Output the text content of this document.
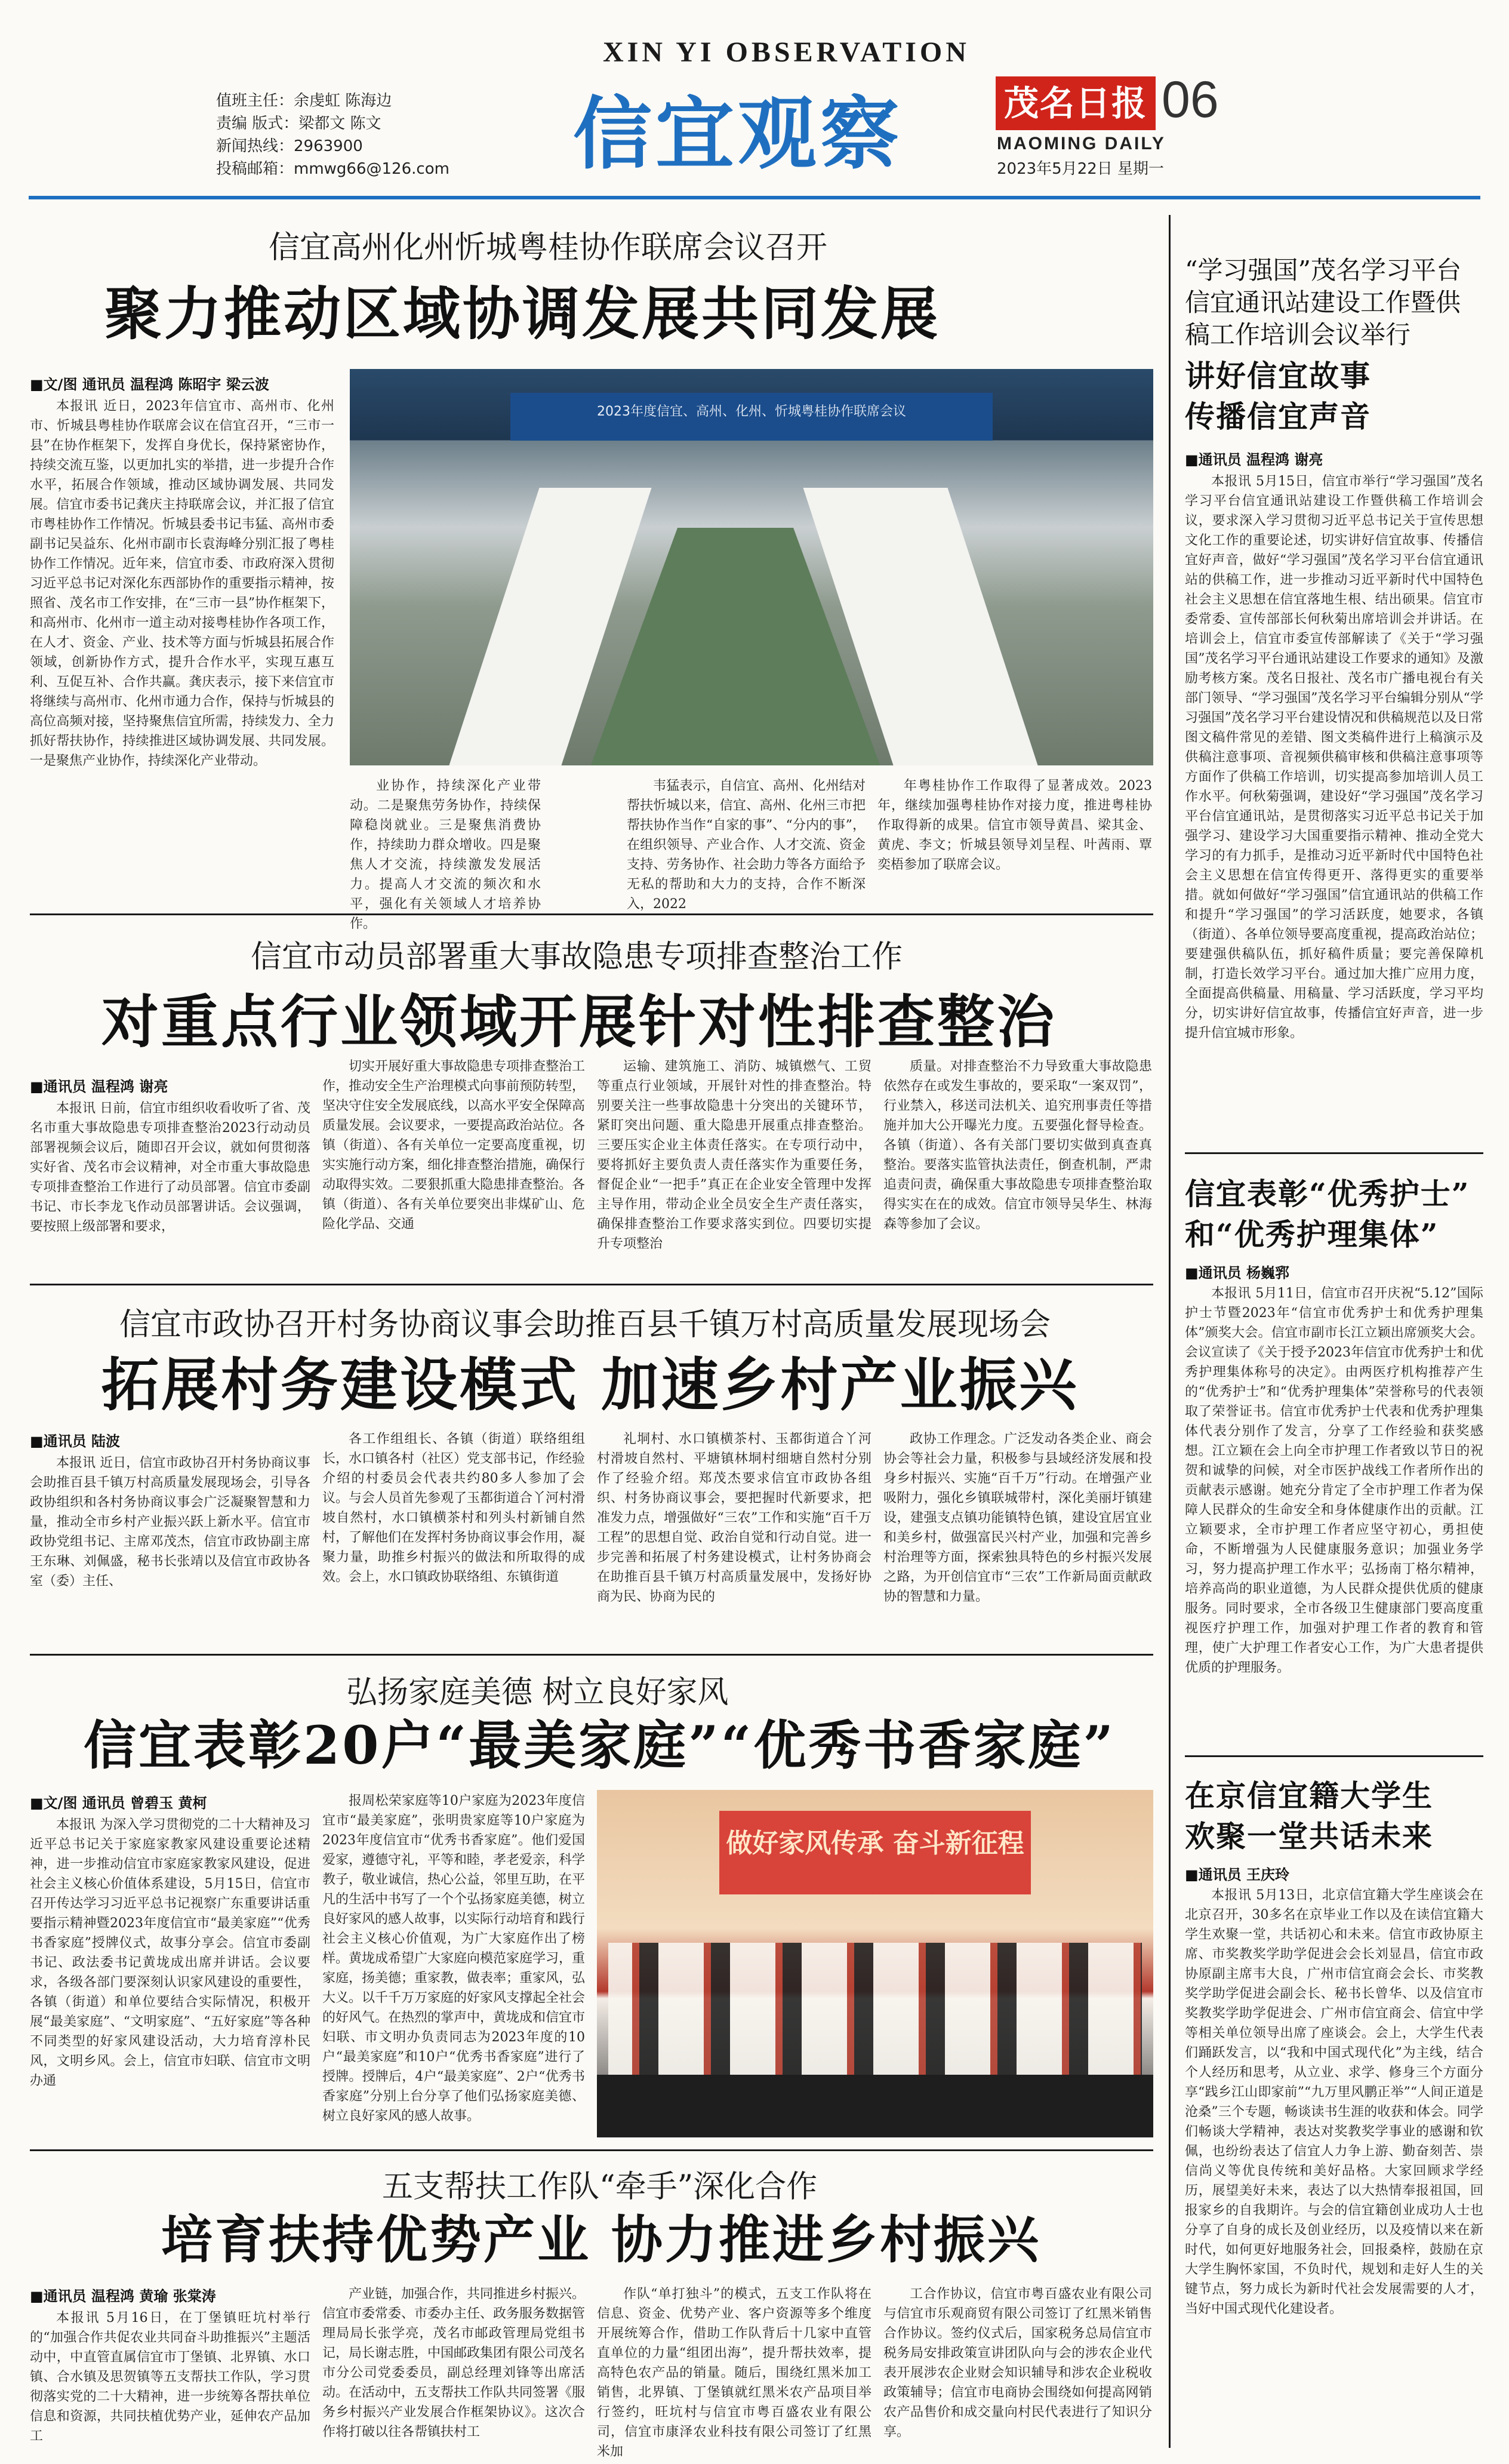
值班主任：余虔虹 陈海边
责编 版式：梁都文 陈文
新闻热线：2963900
投稿邮箱：mmwg66@126.com
XIN YI OBSERVATION
信宜观察	茂名日报 06
MAOMING DAILY
2023年5月22日 星期一
信宜高州化州忻城粤桂协作联席会议召开
聚力推动区域协调发展共同发展
■文/图 通讯员 温程鸿 陈昭宇 梁云波

本报讯 近日，2023年信宜市、高州市、化州市、忻城县粤桂协作联席会议在信宜召开，“三市一县”在协作框架下，发挥自身优长，保持紧密协作，持续交流互鉴，以更加扎实的举措，进一步提升合作水平，拓展合作领域，推动区域协调发展、共同发展。信宜市委书记龚庆主持联席会议，并汇报了信宜市粤桂协作工作情况。忻城县委书记韦猛、高州市委副书记吴益东、化州市副市长袁海峰分别汇报了粤桂协作工作情况。近年来，信宜市委、市政府深入贯彻习近平总书记对深化东西部协作的重要指示精神，按照省、茂名市工作安排，在“三市一县”协作框架下，和高州市、化州市一道主动对接粤桂协作各项工作，在人才、资金、产业、技术等方面与忻城县拓展合作领域，创新协作方式，提升合作水平，实现互惠互利、互促互补、合作共赢。龚庆表示，接下来信宜市将继续与高州市、化州市通力合作，保持与忻城县的高位高频对接，坚持聚焦信宜所需，持续发力、全力抓好帮扶协作，持续推进区域协调发展、共同发展。一是聚焦产业协作，持续深化产业带动。

2023年度信宜、高州、化州、忻城粤桂协作联席会议

业协作，持续深化产业带动。二是聚焦劳务协作，持续保障稳岗就业。三是聚焦消费协作，持续助力群众增收。四是聚焦人才交流，持续激发发展活力。提高人才交流的频次和水平，强化有关领域人才培养协作。

韦猛表示，自信宜、高州、化州结对帮扶忻城以来，信宜、高州、化州三市把帮扶协作当作“自家的事”、“分内的事”，在组织领导、产业合作、人才交流、资金支持、劳务协作、社会助力等各方面给予无私的帮助和大力的支持，合作不断深入，2022

年粤桂协作工作取得了显著成效。2023年，继续加强粤桂协作对接力度，推进粤桂协作取得新的成果。信宜市领导黄昌、梁其金、黄虎、李文；忻城县领导刘呈程、叶茜雨、覃奕梧参加了联席会议。

信宜市动员部署重大事故隐患专项排查整治工作
对重点行业领域开展针对性排查整治
■通讯员 温程鸿 谢亮

本报讯 日前，信宜市组织收看收听了省、茂名市重大事故隐患专项排查整治2023行动动员部署视频会议后，随即召开会议，就如何贯彻落实好省、茂名市会议精神，对全市重大事故隐患专项排查整治工作进行了动员部署。信宜市委副书记、市长李龙飞作动员部署讲话。会议强调，要按照上级部署和要求，

切实开展好重大事故隐患专项排查整治工作，推动安全生产治理模式向事前预防转型，坚决守住安全发展底线，以高水平安全保障高质量发展。会议要求，一要提高政治站位。各镇（街道）、各有关单位一定要高度重视，切实实施行动方案，细化排查整治措施，确保行动取得实效。二要狠抓重大隐患排查整治。各镇（街道）、各有关单位要突出非煤矿山、危险化学品、交通

运输、建筑施工、消防、城镇燃气、工贸等重点行业领域，开展针对性的排查整治。特别要关注一些事故隐患十分突出的关键环节，紧盯突出问题、重大隐患开展重点排查整治。三要压实企业主体责任落实。在专项行动中，要将抓好主要负责人责任落实作为重要任务，督促企业“一把手”真正在企业安全管理中发挥主导作用，带动企业全员安全生产责任落实，确保排查整治工作要求落实到位。四要切实提升专项整治

质量。对排查整治不力导致重大事故隐患依然存在或发生事故的，要采取“一案双罚”，行业禁入，移送司法机关、追究刑事责任等措施并加大公开曝光力度。五要强化督导检查。各镇（街道）、各有关部门要切实做到真查真整治。要落实监管执法责任，倒查机制，严肃追责问责，确保重大事故隐患专项排查整治取得实实在在的成效。信宜市领导吴华生、林海森等参加了会议。

信宜市政协召开村务协商议事会助推百县千镇万村高质量发展现场会
拓展村务建设模式 加速乡村产业振兴
■通讯员 陆波

本报讯 近日，信宜市政协召开村务协商议事会助推百县千镇万村高质量发展现场会，引导各政协组织和各村务协商议事会广泛凝聚智慧和力量，推动全市乡村产业振兴跃上新水平。信宜市政协党组书记、主席邓茂杰，信宜市政协副主席王东琳、刘佩盛，秘书长张靖以及信宜市政协各室（委）主任、

各工作组组长、各镇（街道）联络组组长，水口镇各村（社区）党支部书记，作经验介绍的村委员会代表共约80多人参加了会议。与会人员首先参观了玉都街道合丫河村滑坡自然村，水口镇横茶村和列头村新铺自然村，了解他们在发挥村务协商议事会作用，凝聚力量，助推乡村振兴的做法和所取得的成效。会上，水口镇政协联络组、东镇街道

礼垌村、水口镇横茶村、玉都街道合丫河村滑坡自然村、平塘镇林垌村细塘自然村分别作了经验介绍。郑茂杰要求信宜市政协各组织、村务协商议事会，要把握时代新要求，把准发力点，增强做好“三农”工作和实施“百千万工程”的思想自觉、政治自觉和行动自觉。进一步完善和拓展了村务建设模式，让村务协商会在助推百县千镇万村高质量发展中，发扬好协商为民、协商为民的

政协工作理念。广泛发动各类企业、商会协会等社会力量，积极参与县域经济发展和投身乡村振兴、实施“百千万”行动。在增强产业吸附力，强化乡镇联城带村，深化美丽圩镇建设，建强支点镇功能镇特色镇，建设宜居宜业和美乡村，做强富民兴村产业，加强和完善乡村治理等方面，探索独具特色的乡村振兴发展之路，为开创信宜市“三农”工作新局面贡献政协的智慧和力量。

弘扬家庭美德 树立良好家风
信宜表彰20户“最美家庭”“优秀书香家庭”
■文/图 通讯员 曾碧玉 黄柯

本报讯 为深入学习贯彻党的二十大精神及习近平总书记关于家庭家教家风建设重要论述精神，进一步推动信宜市家庭家教家风建设，促进社会主义核心价值体系建设，5月15日，信宜市召开传达学习习近平总书记视察广东重要讲话重要指示精神暨2023年度信宜市“最美家庭”“优秀书香家庭”授牌仪式，故事分享会。信宜市委副书记、政法委书记黄垅成出席并讲话。会议要求，各级各部门要深刻认识家风建设的重要性，各镇（街道）和单位要结合实际情况，积极开展“最美家庭”、“文明家庭”、“五好家庭”等各种不同类型的好家风建设活动，大力培育淳朴民风，文明乡风。会上，信宜市妇联、信宜市文明办通

报周松荣家庭等10户家庭为2023年度信宜市“最美家庭”，张明贵家庭等10户家庭为2023年度信宜市“优秀书香家庭”。他们爱国爱家，遵德守礼，平等和睦，孝老爱亲，科学教子，敬业诚信，热心公益，邻里互助，在平凡的生活中书写了一个个弘扬家庭美德，树立良好家风的感人故事，以实际行动培育和践行社会主义核心价值观，为广大家庭作出了榜样。黄垅成希望广大家庭向模范家庭学习，重家庭，扬美德；重家教，做表率；重家风，弘大义。以千千万万家庭的好家风支撑起全社会的好风气。在热烈的掌声中，黄垅成和信宜市妇联、市文明办负责同志为2023年度的10户“最美家庭”和10户“优秀书香家庭”进行了授牌。授牌后，4户“最美家庭”、2户“优秀书香家庭”分别上台分享了他们弘扬家庭美德、树立良好家风的感人故事。

做好家风传承 奋斗新征程
五支帮扶工作队“牵手”深化合作
培育扶持优势产业 协力推进乡村振兴
■通讯员 温程鸿 黄瑜 张棠涛

本报讯 5月16日，在丁堡镇旺坑村举行的“加强合作共促农业共同奋斗助推振兴”主题活动中，中直管直属信宜市丁堡镇、北界镇、水口镇、合水镇及思贺镇等五支帮扶工作队，学习贯彻落实党的二十大精神，进一步统筹各帮扶单位信息和资源，共同扶植优势产业，延伸农产品加工

产业链，加强合作，共同推进乡村振兴。信宜市委常委、市委办主任、政务服务数据管理局局长张学亮，茂名市邮政管理局党组书记，局长谢志胜，中国邮政集团有限公司茂名市分公司党委委员，副总经理刘锋等出席活动。在活动中，五支帮扶工作队共同签署《服务乡村振兴产业发展合作框架协议》。这次合作将打破以往各帮镇扶村工

作队“单打独斗”的模式，五支工作队将在信息、资金、优势产业、客户资源等多个维度开展统筹合作，借助工作队背后十几家中直管直单位的力量“组团出海”，提升帮扶效率，提高特色农产品的销量。随后，围绕红黑米加工销售，北界镇、丁堡镇就红黑米农产品项目举行签约，旺坑村与信宜市粤百盛农业有限公司，信宜市康泽农业科技有限公司签订了红黑米加

工合作协议，信宜市粤百盛农业有限公司与信宜市乐观商贸有限公司签订了红黑米销售合作协议。签约仪式后，国家税务总局信宜市税务局安排政策宣讲团队向与会的涉农企业代表开展涉农企业财会知识辅导和涉农企业税收政策辅导；信宜市电商协会围绕如何提高网销农产品售价和成交量向村民代表进行了知识分享。

“学习强国”茂名学习平台
信宜通讯站建设工作暨供
稿工作培训会议举行
讲好信宜故事
传播信宜声音
■通讯员 温程鸿 谢亮

本报讯 5月15日，信宜市举行“学习强国”茂名学习平台信宜通讯站建设工作暨供稿工作培训会议，要求深入学习贯彻习近平总书记关于宣传思想文化工作的重要论述，切实讲好信宜故事、传播信宜好声音，做好“学习强国”茂名学习平台信宜通讯站的供稿工作，进一步推动习近平新时代中国特色社会主义思想在信宜落地生根、结出硕果。信宜市委常委、宣传部部长何秋菊出席培训会并讲话。在培训会上，信宜市委宣传部解读了《关于“学习强国”茂名学习平台通讯站建设工作要求的通知》及激励考核方案。茂名日报社、茂名市广播电视台有关部门领导、“学习强国”茂名学习平台编辑分别从“学习强国”茂名学习平台建设情况和供稿规范以及日常图文稿件常见的差错、图文类稿件进行上稿演示及供稿注意事项、音视频供稿审核和供稿注意事项等方面作了供稿工作培训，切实提高参加培训人员工作水平。何秋菊强调，建设好“学习强国”茂名学习平台信宜通讯站，是贯彻落实习近平总书记关于加强学习、建设学习大国重要指示精神、推动全党大学习的有力抓手，是推动习近平新时代中国特色社会主义思想在信宜传得更开、落得更实的重要举措。就如何做好“学习强国”信宜通讯站的供稿工作和提升“学习强国”的学习活跃度，她要求，各镇（街道）、各单位领导要高度重视，提高政治站位；要建强供稿队伍，抓好稿件质量；要完善保障机制，打造长效学习平台。通过加大推广应用力度，全面提高供稿量、用稿量、学习活跃度，学习平均分，切实讲好信宜故事，传播信宜好声音，进一步提升信宜城市形象。

信宜表彰“优秀护士”
和“优秀护理集体”
■通讯员 杨巍郛

本报讯 5月11日，信宜市召开庆祝“5.12”国际护士节暨2023年“信宜市优秀护士和优秀护理集体”颁奖大会。信宜市副市长江立颖出席颁奖大会。会议宣读了《关于授予2023年信宜市优秀护士和优秀护理集体称号的决定》。由两医疗机构推荐产生的“优秀护士”和“优秀护理集体”荣誉称号的代表领取了荣誉证书。信宜市优秀护士代表和优秀护理集体代表分别作了发言，分享了工作经验和获奖感想。江立颖在会上向全市护理工作者致以节日的祝贺和诚挚的问候，对全市医护战线工作者所作出的贡献表示感谢。她充分肯定了全市护理工作者为保障人民群众的生命安全和身体健康作出的贡献。江立颖要求，全市护理工作者应坚守初心，勇担使命，不断增强为人民健康服务意识；加强业务学习，努力提高护理工作水平；弘扬南丁格尔精神，培养高尚的职业道德，为人民群众提供优质的健康服务。同时要求，全市各级卫生健康部门要高度重视医疗护理工作，加强对护理工作者的教育和管理，使广大护理工作者安心工作，为广大患者提供优质的护理服务。

在京信宜籍大学生
欢聚一堂共话未来
■通讯员 王庆玲

本报讯 5月13日，北京信宜籍大学生座谈会在北京召开，30多名在京毕业工作以及在读信宜籍大学生欢聚一堂，共话初心和未来。信宜市政协原主席、市奖教奖学助学促进会会长刘显昌，信宜市政协原副主席韦大良，广州市信宜商会会长、市奖教奖学助学促进会副会长、秘书长曾华、以及信宜市奖教奖学助学促进会、广州市信宜商会、信宜中学等相关单位领导出席了座谈会。会上，大学生代表们踊跃发言，以“我和中国式现代化”为主线，结合个人经历和思考，从立业、求学、修身三个方面分享“践乡江山即家前”“九万里风鹏正举”“人间正道是沧桑”三个专题，畅谈读书生涯的收获和体会。同学们畅谈大学精神，表达对奖教奖学事业的感谢和钦佩，也纷纷表达了信宜人力争上游、勤奋刻苦、崇信尚义等优良传统和美好品格。大家回顾求学经历，展望美好未来，表达了以大热情奉报祖国，回报家乡的自我期许。与会的信宜籍创业成功人士也分享了自身的成长及创业经历，以及疫情以来在新时代，如何更好地服务社会，回报桑梓，鼓励在京大学生胸怀家国，不负时代，规划和走好人生的关键节点，努力成长为新时代社会发展需要的人才，当好中国式现代化建设者。
